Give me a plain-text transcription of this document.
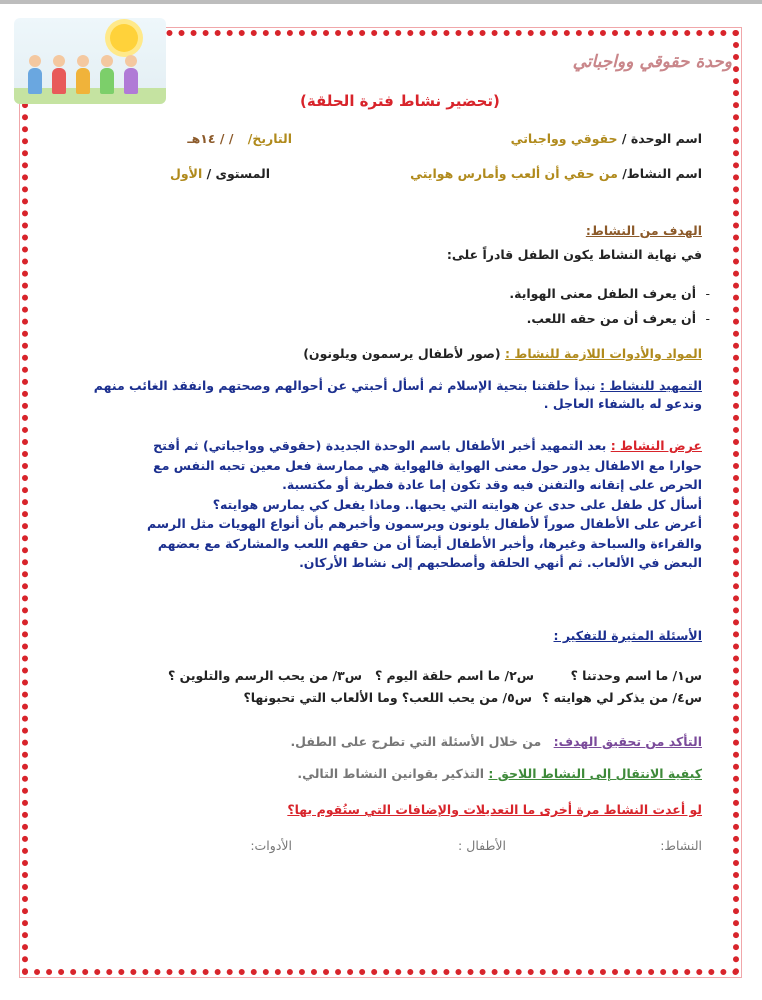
وحدة حقوقي وواجباتي
(تحضير نشاط فترة الحلقة)
اسم الوحدة / حقوقي وواجباتي
التاريخ/ / / ١٤هـ
اسم النشاط/ من حقي أن ألعب وأمارس هوايتي
المستوى / الأول
الهدف من النشاط:
في نهاية النشاط يكون الطفل قادراً على:
-
أن يعرف الطفل معنى الهواية.
-
أن يعرف أن من حقه اللعب.
المواد والأدوات اللازمة للنشاط : (صور لأطفال يرسمون ويلونون)
التمهيد للنشاط : نبدأ حلقتنا بتحية الإسلام ثم أسأل أحبتي عن أحوالهم وصحتهم وانفقد الغائب منهم
وندعو له بالشفاء العاجل .
عرض النشاط : بعد التمهيد أخبر الأطفال باسم الوحدة الجديدة (حقوقي وواجباتي) ثم أفتح
حوارا مع الاطفال يدور حول معنى الهواية فالهواية هي ممارسة فعل معين تحبه النفس مع
الحرص على إتقانه والتفنن فيه وقد تكون إما عادة فطرية أو مكتسبة.
أسأل كل طفل على حدى عن هوايته التي يحبها.. وماذا يفعل كي يمارس هوايته؟
أعرض على الأطفال صوراً لأطفال يلونون ويرسمون وأخبرهم بأن أنواع الهويات مثل الرسم
والقراءة والسباحة وغيرها، وأخبر الأطفال أيضاً أن من حقهم اللعب والمشاركة مع بعضهم
البعض في الألعاب. ثم أنهي الحلقة وأصطحبهم إلى نشاط الأركان.
الأسئلة المثيرة للتفكير :
س١/ ما اسم وحدتنا ؟
س٢/ ما اسم حلقة اليوم ؟
س٣/ من يحب الرسم والتلوين ؟
س٤/ من يذكر لي هوايته ؟
س٥/ من يحب اللعب؟ وما الألعاب التي تحبونها؟
التأكد من تحقيق الهدف: من خلال الأسئلة التي تطرح على الطفل.
كيفية الانتقال إلى النشاط اللاحق : التذكير بقوانين النشاط التالي.
لو أعدت النشاط مرة أخرى ما التعديلات والإضافات التي ستُقوم بها؟
النشاط:
الأطفال :
الأدوات:
